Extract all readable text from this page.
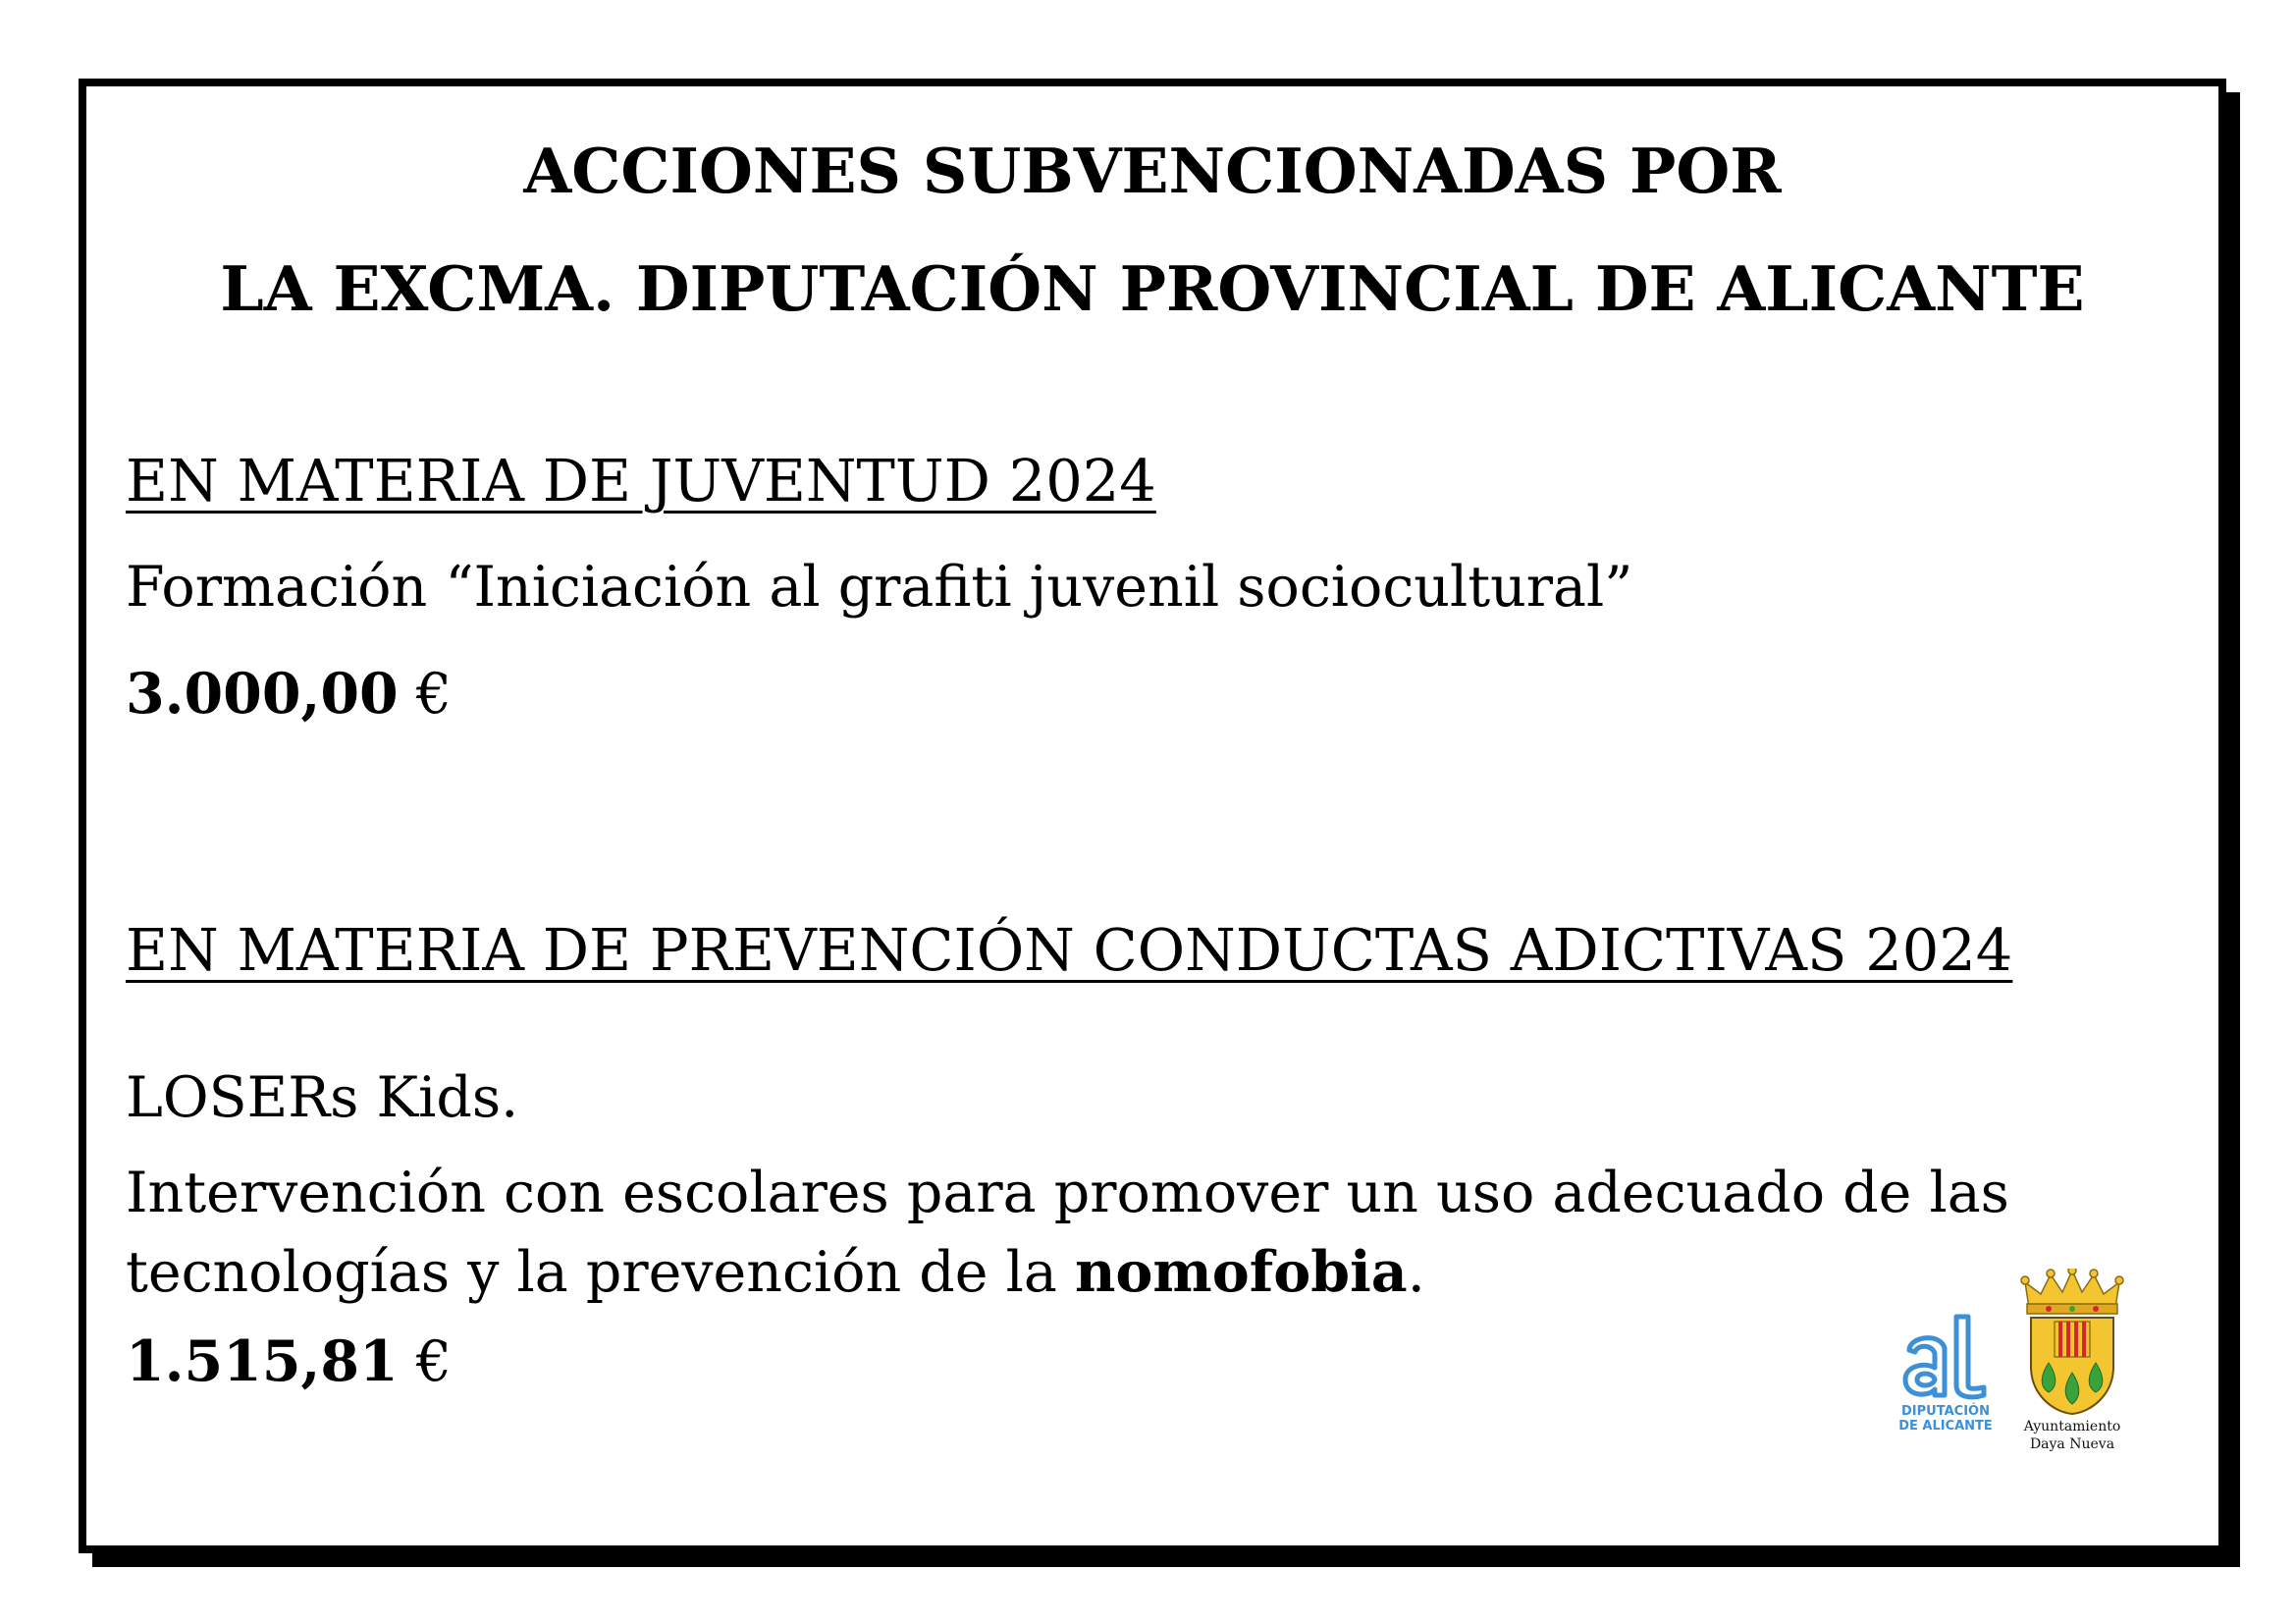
ACCIONES SUBVENCIONADAS POR
LA EXCMA. DIPUTACIÓN PROVINCIAL DE ALICANTE
EN MATERIA DE JUVENTUD 2024
Formación “Iniciación al grafiti juvenil sociocultural”
3.000,00 €
EN MATERIA DE PREVENCIÓN CONDUCTAS ADICTIVAS 2024
LOSERs Kids.
Intervención con escolares para promover un uso adecuado de las
tecnologías y la prevención de la nomofobia.
1.515,81 €
DIPUTACIÓN
DE ALICANTE	Ayuntamiento
Daya Nueva
